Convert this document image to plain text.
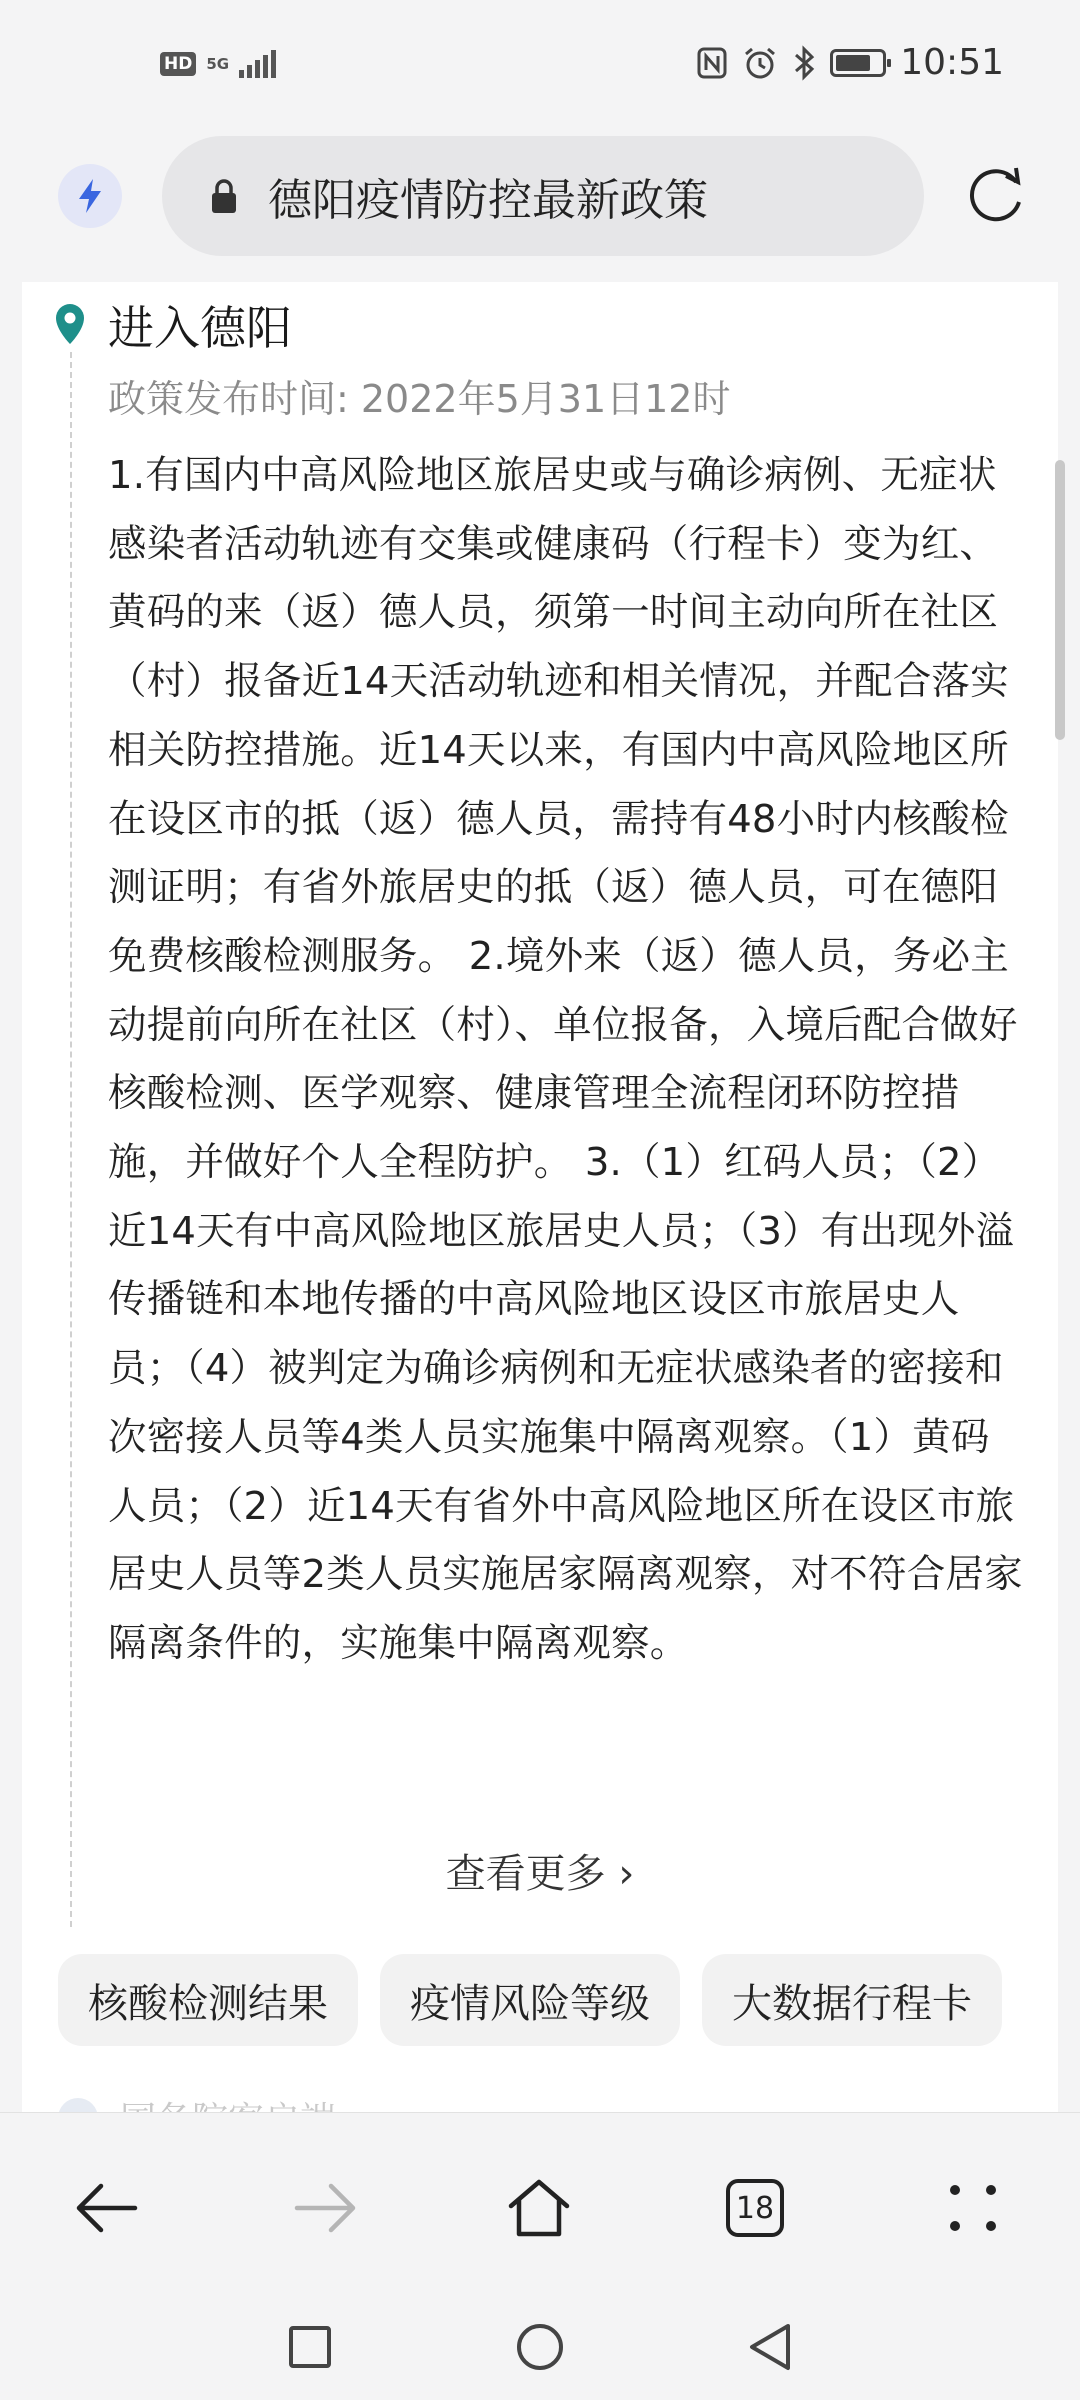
HD 5G	10:51
德阳疫情防控最新政策
进入德阳
政策发布时间: 2022年5月31日12时
1.有国内中高风险地区旅居史或与确诊病例、无症状感染者活动轨迹有交集或健康码（行程卡）变为红、黄码的来（返）德人员，须第一时间主动向所在社区（村）报备近14天活动轨迹和相关情况，并配合落实相关防控措施。近14天以来，有国内中高风险地区所在设区市的抵（返）德人员，需持有48小时内核酸检测证明；有省外旅居史的抵（返）德人员，可在德阳免费核酸检测服务。 2.境外来（返）德人员，务必主动提前向所在社区（村）、单位报备，入境后配合做好核酸检测、医学观察、健康管理全流程闭环防控措施，并做好个人全程防护。 3.（1）红码人员；（2）近14天有中高风险地区旅居史人员；（3）有出现外溢传播链和本地传播的中高风险地区设区市旅居史人员；（4）被判定为确诊病例和无症状感染者的密接和次密接人员等4类人员实施集中隔离观察。（1）黄码人员；（2）近14天有省外中高风险地区所在设区市旅居史人员等2类人员实施居家隔离观察，对不符合居家隔离条件的，实施集中隔离观察。
查看更多 ›
核酸检测结果	疫情风险等级	大数据行程卡
18
